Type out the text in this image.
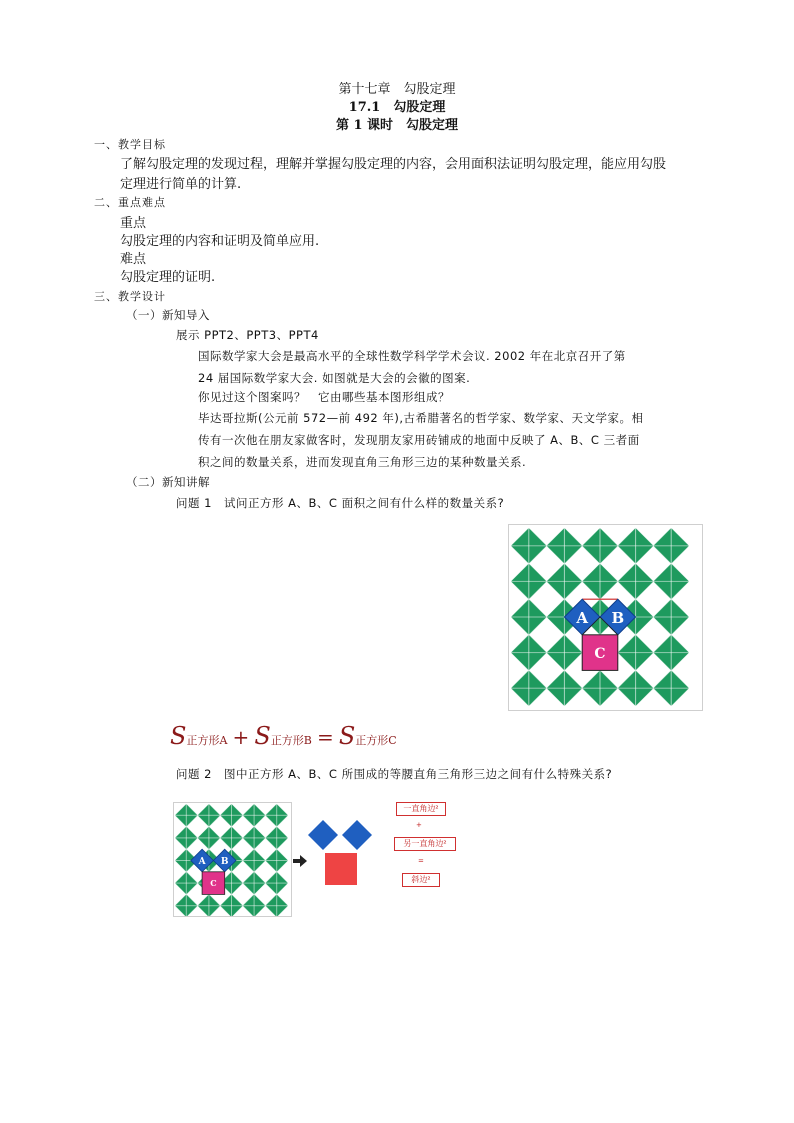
第十七章　勾股定理
17.1　勾股定理
第 1 课时　勾股定理
一、教学目标
了解勾股定理的发现过程，理解并掌握勾股定理的内容，会用面积法证明勾股定理，能应用勾股
定理进行简单的计算.
二、重点难点
重点
勾股定理的内容和证明及简单应用.
难点
勾股定理的证明.
三、教学设计
（一）新知导入
展示 PPT2、PPT3、PPT4
国际数学家大会是最高水平的全球性数学科学学术会议. 2002 年在北京召开了第
24 届国际数学家大会. 如图就是大会的会徽的图案.
你见过这个图案吗？　它由哪些基本图形组成？
毕达哥拉斯(公元前 572—前 492 年),古希腊著名的哲学家、数学家、天文学家。相
传有一次他在朋友家做客时，发现朋友家用砖铺成的地面中反映了 A、B、C 三者面
积之间的数量关系，进而发现直角三角形三边的某种数量关系.
（二）新知讲解
问题 1　试问正方形 A、B、C 面积之间有什么样的数量关系?
A B
C
S正方形A + S正方形B = S正方形C
问题 2　图中正方形 A、B、C 所围成的等腰直角三角形三边之间有什么特殊关系?
A B
C
一直角边²
+
另一直角边²
=
斜边²
